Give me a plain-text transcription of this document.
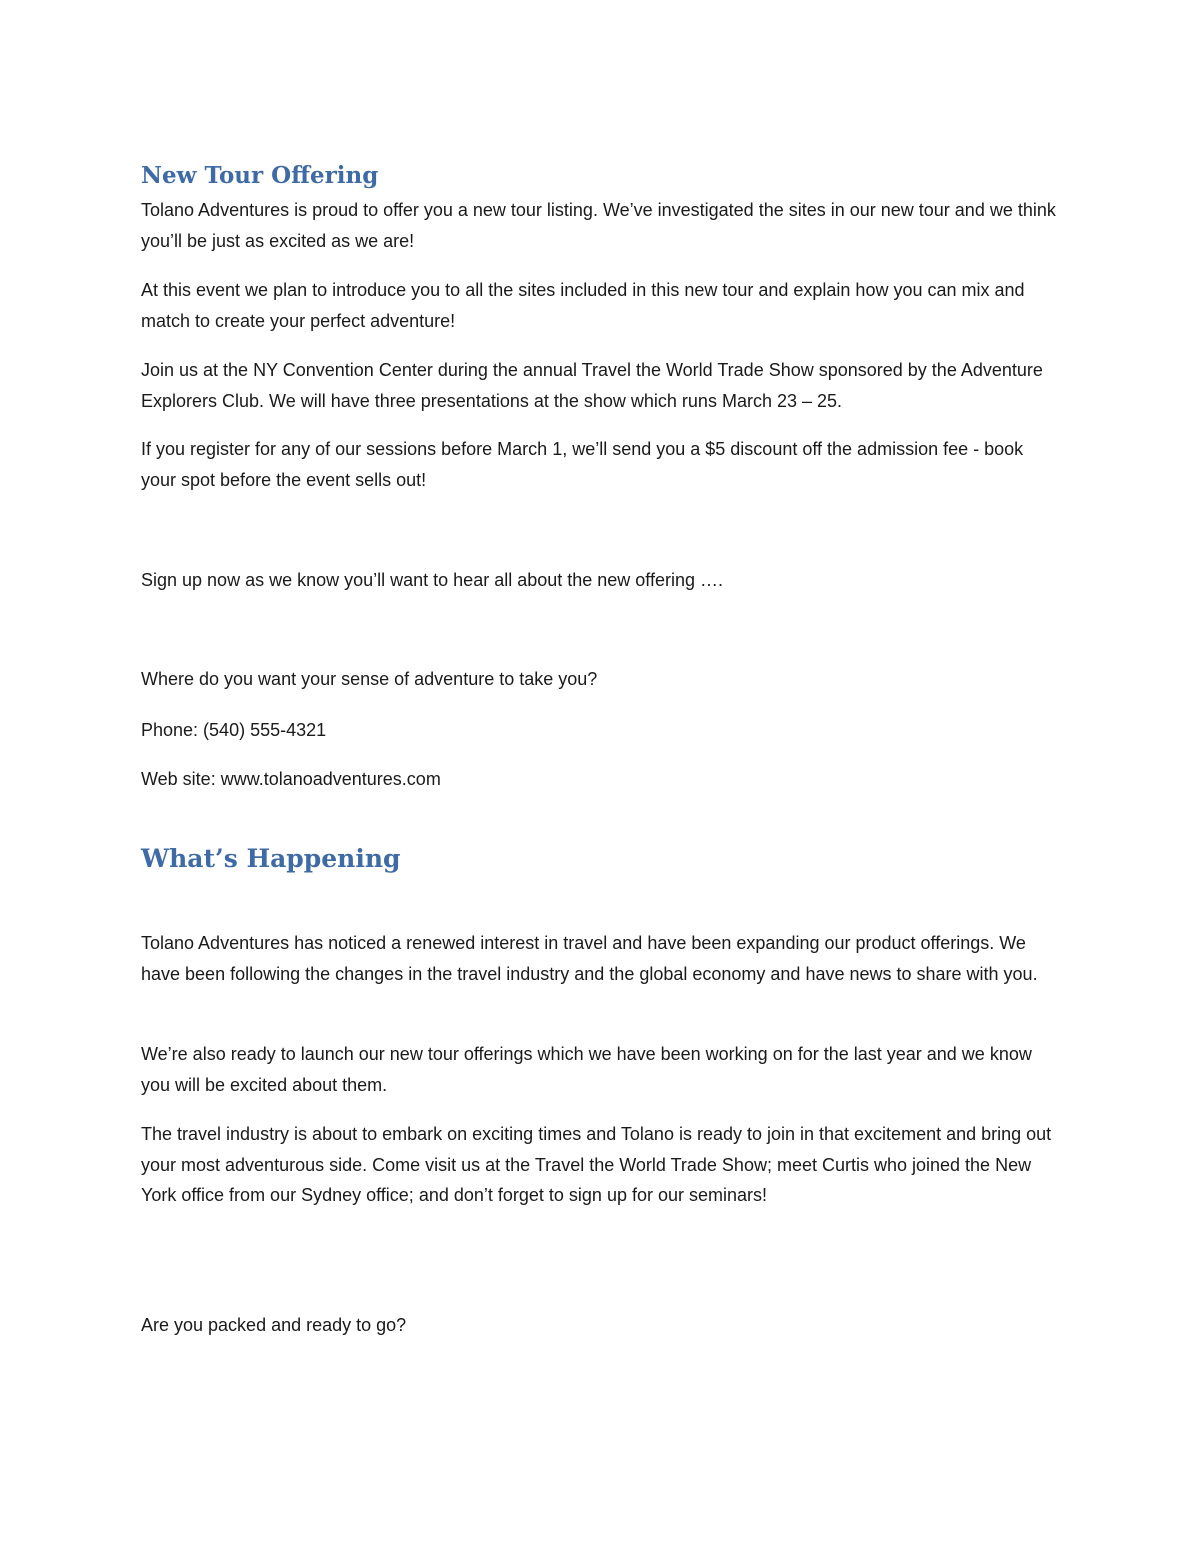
New Tour Offering

Tolano Adventures is proud to offer you a new tour listing. We’ve investigated the sites in our new tour and we think you’ll be just as excited as we are!

At this event we plan to introduce you to all the sites included in this new tour and explain how you can mix and match to create your perfect adventure!

Join us at the NY Convention Center during the annual Travel the World Trade Show sponsored by the Adventure Explorers Club. We will have three presentations at the show which runs March 23 – 25.

If you register for any of our sessions before March 1, we’ll send you a $5 discount off the admission fee - book your spot before the event sells out!

Sign up now as we know you’ll want to hear all about the new offering ….

Where do you want your sense of adventure to take you?

Phone: (540) 555-4321

Web site: www.tolanoadventures.com

What’s Happening

Tolano Adventures has noticed a renewed interest in travel and have been expanding our product offerings. We have been following the changes in the travel industry and the global economy and have news to share with you.

We’re also ready to launch our new tour offerings which we have been working on for the last year and we know you will be excited about them.

The travel industry is about to embark on exciting times and Tolano is ready to join in that excitement and bring out your most adventurous side. Come visit us at the Travel the World Trade Show; meet Curtis who joined the New York office from our Sydney office; and don’t forget to sign up for our seminars!

Are you packed and ready to go?
